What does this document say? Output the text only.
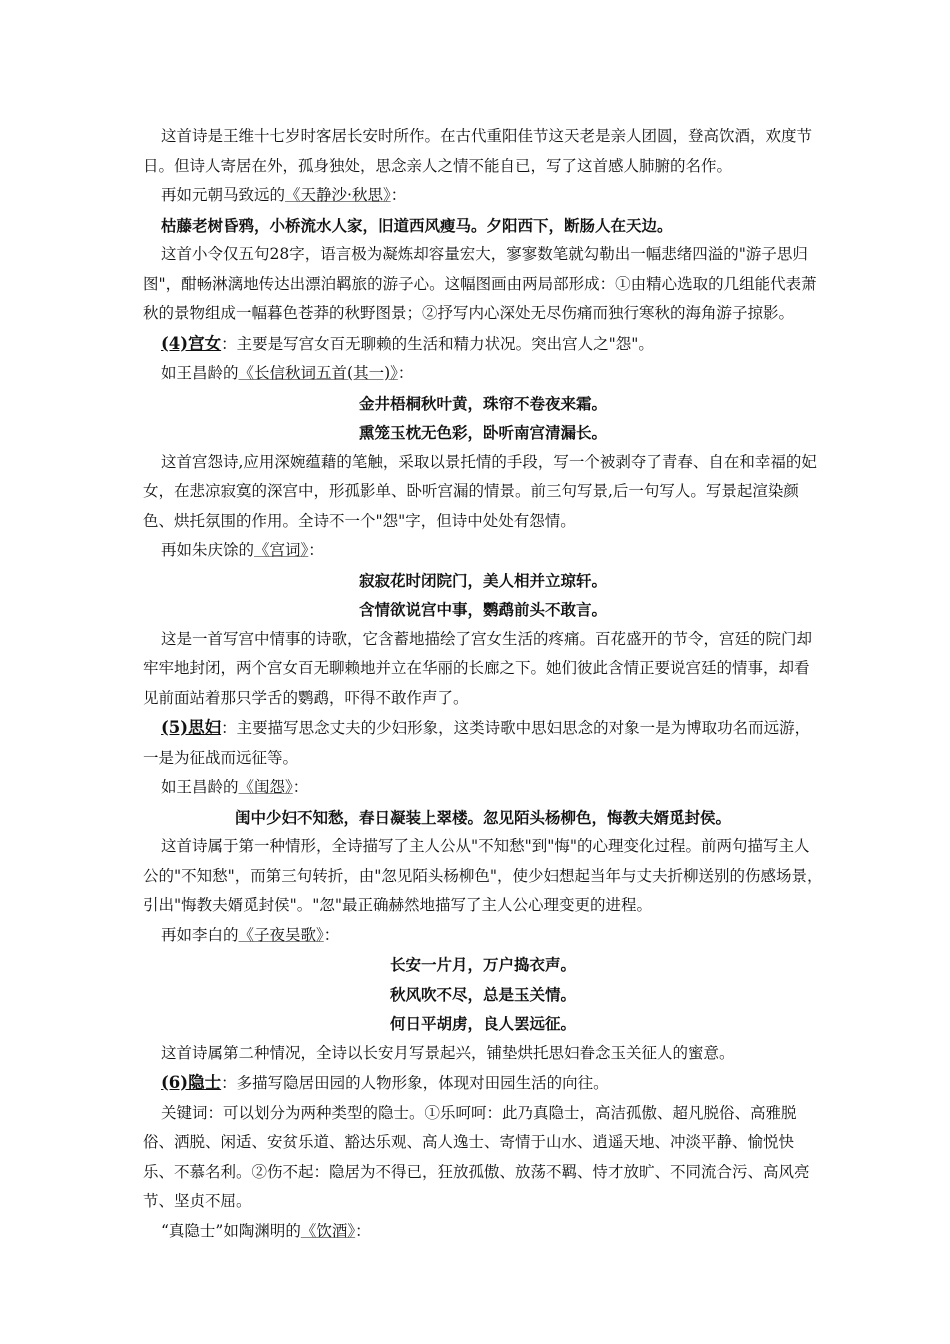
这首诗是王维十七岁时客居长安时所作。在古代重阳佳节这天老是亲人团圆，登高饮酒，欢度节日。但诗人寄居在外，孤身独处，思念亲人之情不能自已，写了这首感人肺腑的名作。

再如元朝马致远的《天静沙·秋思》：

枯藤老树昏鸦，小桥流水人家，旧道西风瘦马。夕阳西下，断肠人在天边。

这首小令仅五句28字，语言极为凝炼却容量宏大，寥寥数笔就勾勒出一幅悲绪四溢的"游子思归图"，酣畅淋漓地传达出漂泊羁旅的游子心。这幅图画由两局部形成：①由精心选取的几组能代表萧秋的景物组成一幅暮色苍莽的秋野图景；②抒写内心深处无尽伤痛而独行寒秋的海角游子掠影。

(4)宫女：主要是写宫女百无聊赖的生活和精力状况。突出宫人之"怨"。

如王昌龄的《长信秋词五首(其一)》：

金井梧桐秋叶黄，珠帘不卷夜来霜。

熏笼玉枕无色彩，卧听南宫清漏长。

这首宫怨诗,应用深婉蕴藉的笔触，采取以景托情的手段，写一个被剥夺了青春、自在和幸福的妃女，在悲凉寂寞的深宫中，形孤影单、卧听宫漏的情景。前三句写景,后一句写人。写景起渲染颜色、烘托氛围的作用。全诗不一个"怨"字，但诗中处处有怨情。

再如朱庆馀的《宫词》：

寂寂花时闭院门，美人相并立琼轩。

含情欲说宫中事，鹦鹉前头不敢言。

这是一首写宫中情事的诗歌，它含蓄地描绘了宫女生活的疼痛。百花盛开的节令，宫廷的院门却牢牢地封闭，两个宫女百无聊赖地并立在华丽的长廊之下。她们彼此含情正要说宫廷的情事，却看见前面站着那只学舌的鹦鹉，吓得不敢作声了。

(5)思妇：主要描写思念丈夫的少妇形象，这类诗歌中思妇思念的对象一是为博取功名而远游，一是为征战而远征等。

如王昌龄的《闺怨》：

闺中少妇不知愁，春日凝装上翠楼。忽见陌头杨柳色，悔教夫婿觅封侯。

这首诗属于第一种情形，全诗描写了主人公从"不知愁"到"悔"的心理变化过程。前两句描写主人公的"不知愁"，而第三句转折，由"忽见陌头杨柳色"，使少妇想起当年与丈夫折柳送别的伤感场景，引出"悔教夫婿觅封侯"。"忽"最正确赫然地描写了主人公心理变更的进程。

再如李白的《子夜吴歌》：

长安一片月，万户捣衣声。

秋风吹不尽，总是玉关情。

何日平胡虏，良人罢远征。

这首诗属第二种情况，全诗以长安月写景起兴，铺垫烘托思妇眷念玉关征人的蜜意。

(6)隐士：多描写隐居田园的人物形象，体现对田园生活的向往。

关键词：可以划分为两种类型的隐士。①乐呵呵：此乃真隐士，高洁孤傲、超凡脱俗、高雅脱俗、洒脱、闲适、安贫乐道、豁达乐观、高人逸士、寄情于山水、逍遥天地、冲淡平静、愉悦快乐、不慕名利。②伤不起：隐居为不得已，狂放孤傲、放荡不羁、恃才放旷、不同流合污、高风亮节、坚贞不屈。

“真隐士”如陶渊明的《饮酒》：
